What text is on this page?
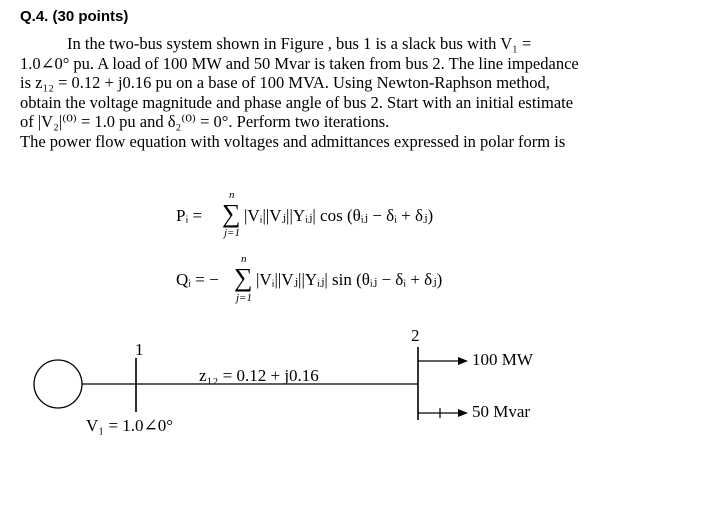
Q.4. (30 points)
In the two-bus system shown in Figure , bus 1 is a slack bus with V₁ =
1.0∠0° pu. A load of 100 MW and 50 Mvar is taken from bus 2. The line impedance
is z₁₂ = 0.12 + j0.16 pu on a base of 100 MVA. Using Newton-Raphson method,
obtain the voltage magnitude and phase angle of bus 2. Start with an initial estimate
of |V₂|⁽⁰⁾ = 1.0 pu and δ₂⁽⁰⁾ = 0°. Perform two iterations.
The power flow equation with voltages and admittances expressed in polar form is
Pᵢ =
n
∑
j=1
|Vᵢ||Vⱼ||Yᵢⱼ| cos (θᵢⱼ − δᵢ + δⱼ)
Qᵢ = −
n
∑
j=1
|Vᵢ||Vⱼ||Yᵢⱼ| sin (θᵢⱼ − δᵢ + δⱼ)
1
2
V₁ = 1.0∠0°
z₁₂ = 0.12 + j0.16
100 MW
50 Mvar
